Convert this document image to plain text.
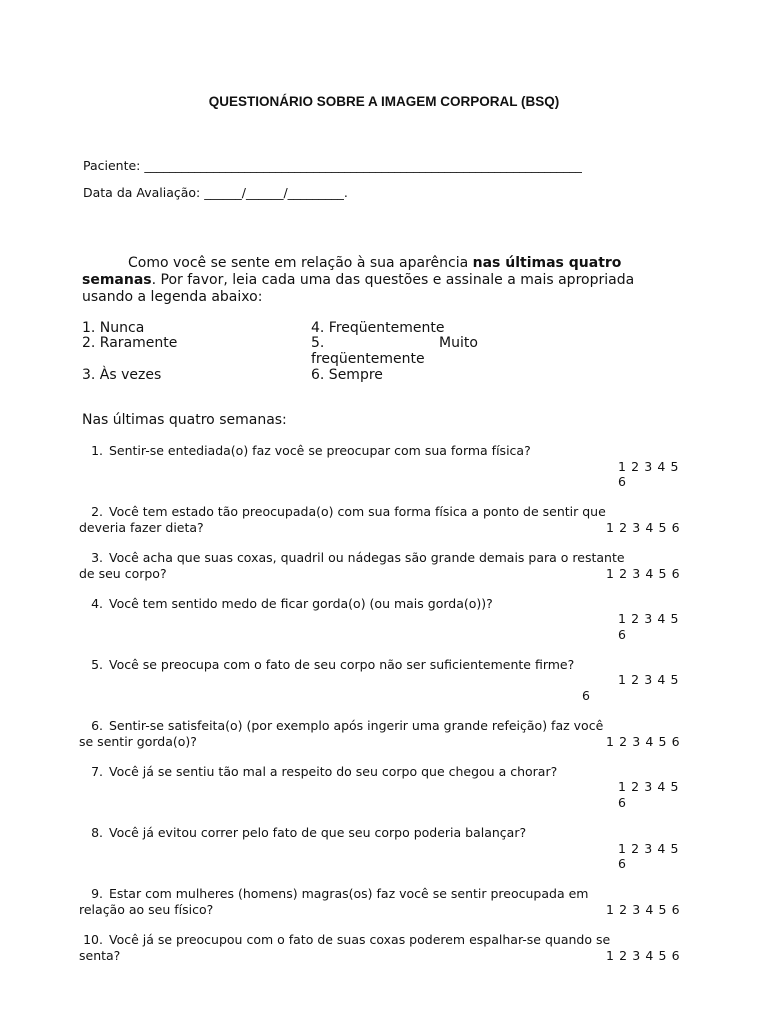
QUESTIONÁRIO SOBRE A IMAGEM CORPORAL (BSQ)
Paciente: ______________________________________________________________________
Data da Avaliação: ______/______/_________.
Como você se sente em relação à sua aparência nas últimas quatro
semanas. Por favor, leia cada uma das questões e assinale a mais apropriada
usando a legenda abaixo:
1. Nunca
2. Raramente
3. Às vezes
4. Freqüentemente
5.	Muito
freqüentemente
6. Sempre
Nas últimas quatro semanas:
1. Sentir-se entediada(o) faz você se preocupar com sua forma física?
1 2 3 4 5
6
2. Você tem estado tão preocupada(o) com sua forma física a ponto de sentir que
deveria fazer dieta?	1 2 3 4 5 6
3. Você acha que suas coxas, quadril ou nádegas são grande demais para o restante
de seu corpo?	1 2 3 4 5 6
4. Você tem sentido medo de ficar gorda(o) (ou mais gorda(o))?
1 2 3 4 5
6
5. Você se preocupa com o fato de seu corpo não ser suficientemente firme?
1 2 3 4 5
6
6. Sentir-se satisfeita(o) (por exemplo após ingerir uma grande refeição) faz você
se sentir gorda(o)?	1 2 3 4 5 6
7. Você já se sentiu tão mal a respeito do seu corpo que chegou a chorar?
1 2 3 4 5
6
8. Você já evitou correr pelo fato de que seu corpo poderia balançar?
1 2 3 4 5
6
9. Estar com mulheres (homens) magras(os) faz você se sentir preocupada em
relação ao seu físico?	1 2 3 4 5 6
10. Você já se preocupou com o fato de suas coxas poderem espalhar-se quando se
senta?	1 2 3 4 5 6
